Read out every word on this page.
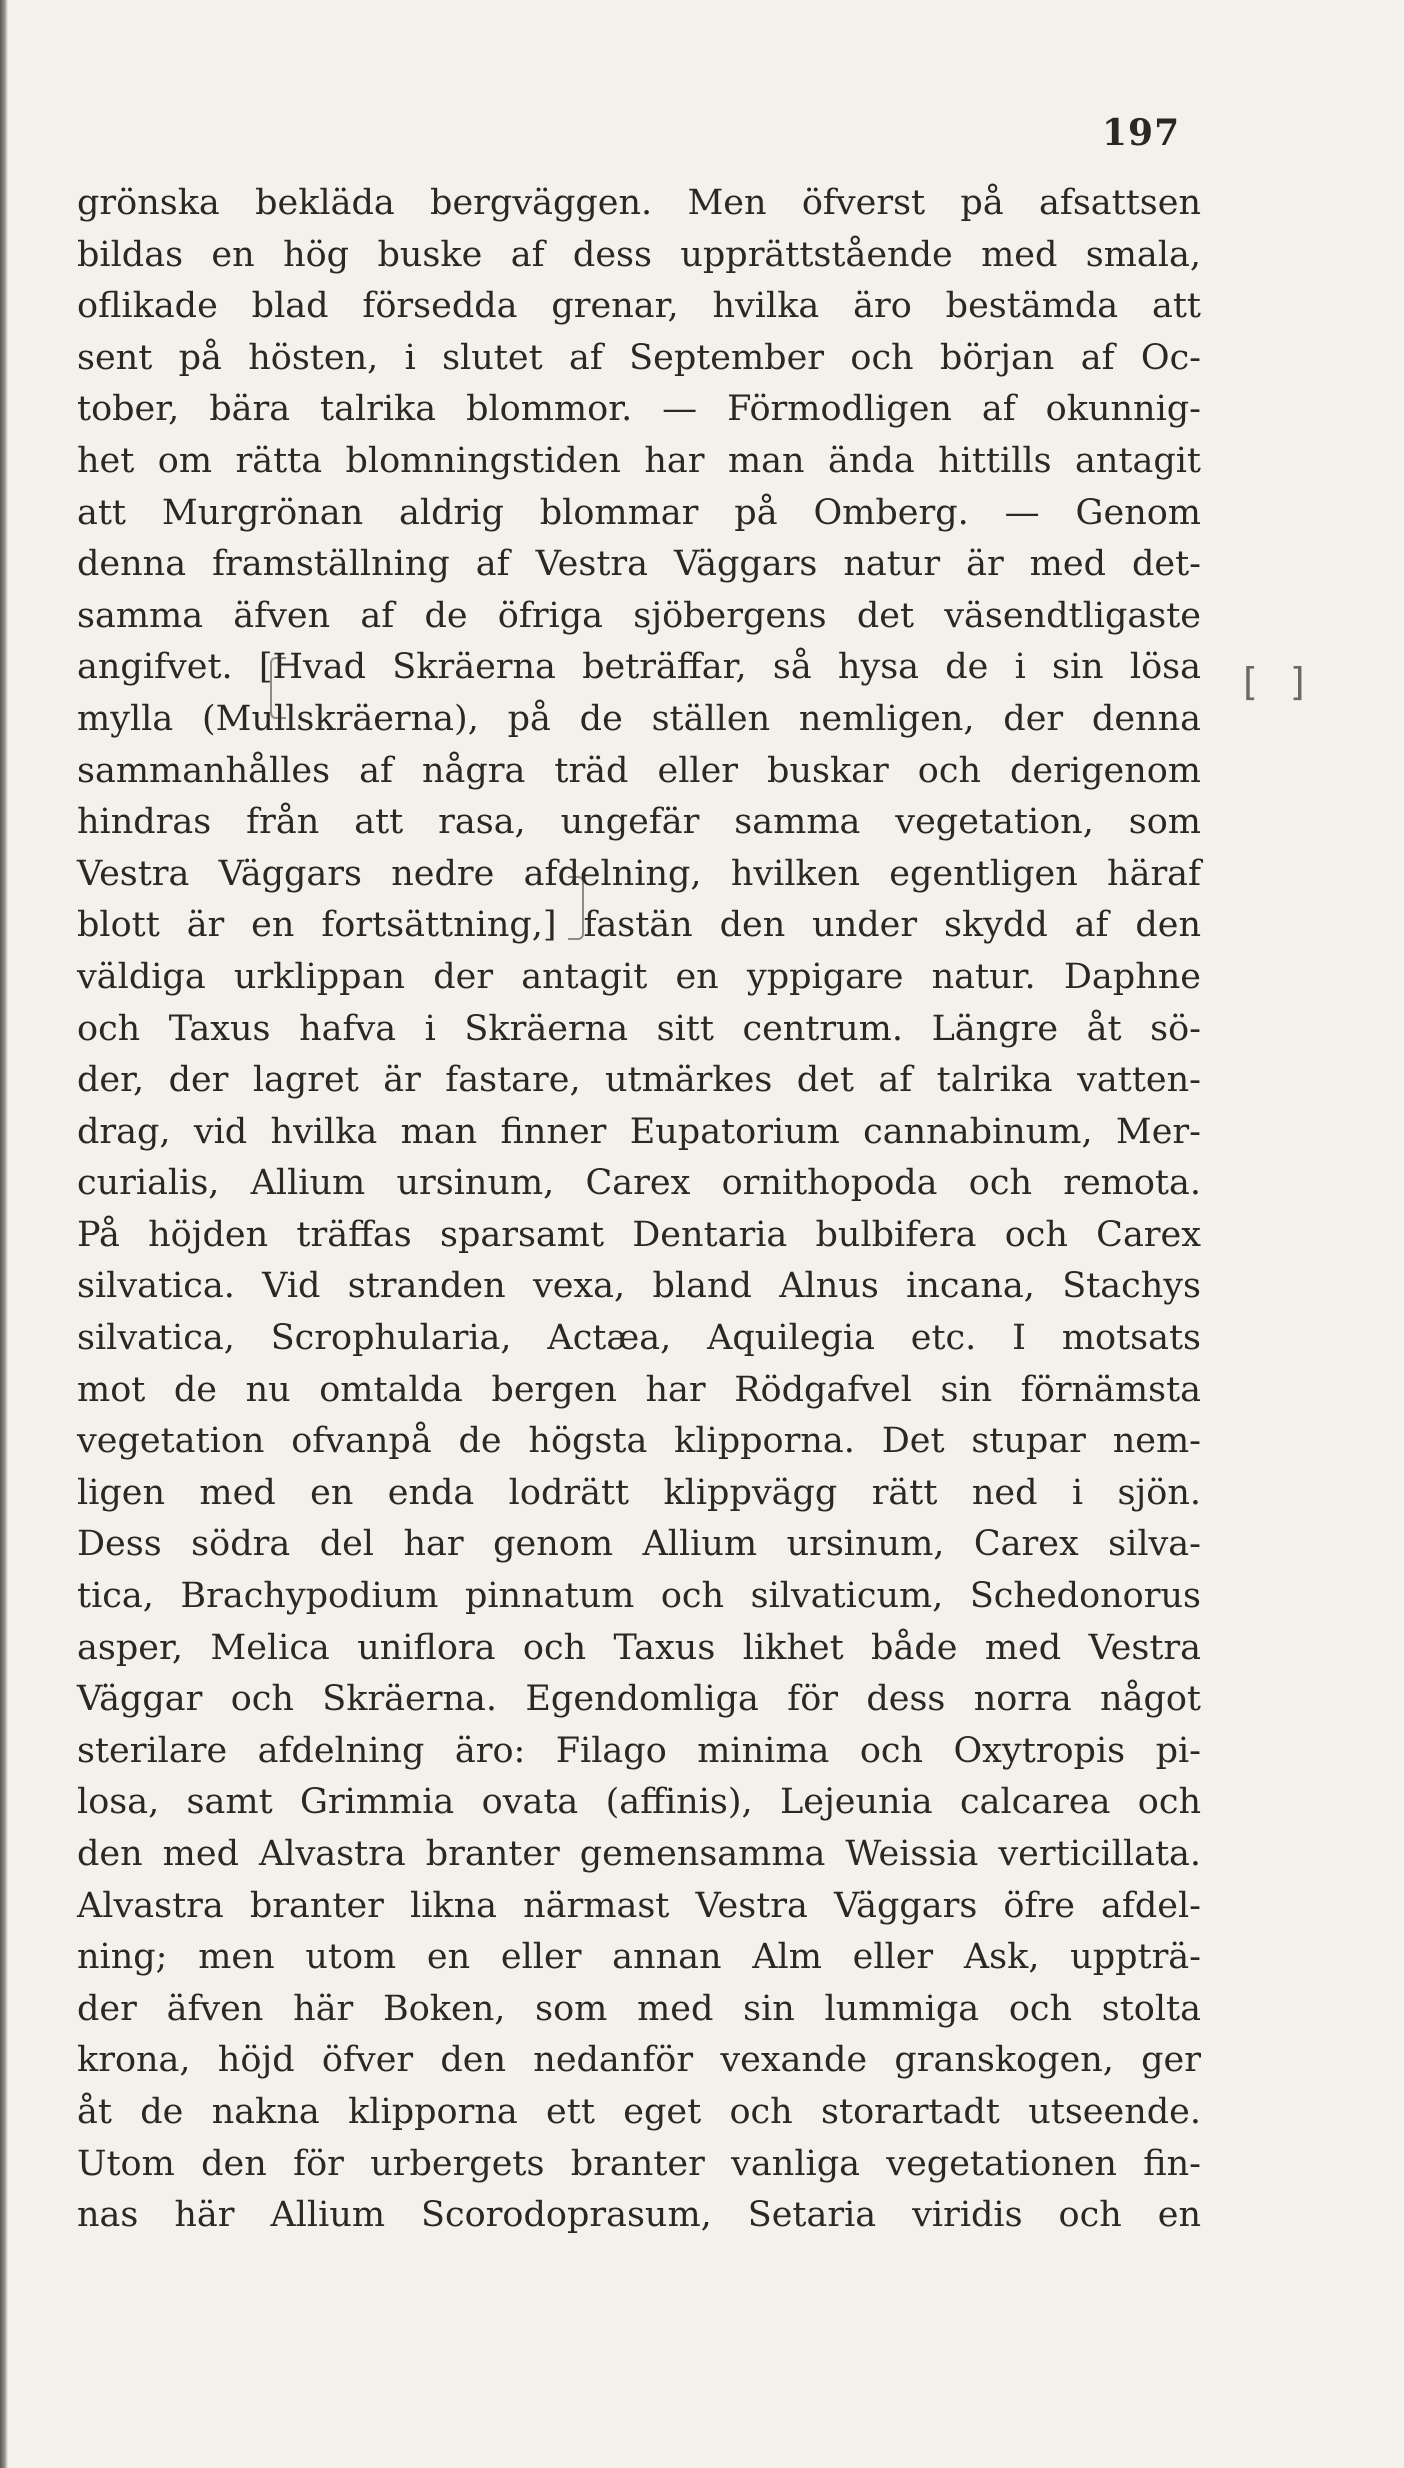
197
[ ]
grönska bekläda bergväggen. Men öfverst på afsattsen
bildas en hög buske af dess upprättstående med smala,
oflikade blad försedda grenar, hvilka äro bestämda att
sent på hösten, i slutet af September och början af Oc-
tober, bära talrika blommor. — Förmodligen af okunnig-
het om rätta blomningstiden har man ända hittills antagit
att Murgrönan aldrig blommar på Omberg. — Genom
denna framställning af Vestra Väggars natur är med det-
samma äfven af de öfriga sjöbergens det väsendtligaste
angifvet. [Hvad Skräerna beträffar, så hysa de i sin lösa
mylla (Mullskräerna), på de ställen nemligen, der denna
sammanhålles af några träd eller buskar och derigenom
hindras från att rasa, ungefär samma vegetation, som
Vestra Väggars nedre afdelning, hvilken egentligen häraf
blott är en fortsättning,] fastän den under skydd af den
väldiga urklippan der antagit en yppigare natur. Daphne
och Taxus hafva i Skräerna sitt centrum. Längre åt sö-
der, der lagret är fastare, utmärkes det af talrika vatten-
drag, vid hvilka man finner Eupatorium cannabinum, Mer-
curialis, Allium ursinum, Carex ornithopoda och remota.
På höjden träffas sparsamt Dentaria bulbifera och Carex
silvatica. Vid stranden vexa, bland Alnus incana, Stachys
silvatica, Scrophularia, Actæa, Aquilegia etc. I motsats
mot de nu omtalda bergen har Rödgafvel sin förnämsta
vegetation ofvanpå de högsta klipporna. Det stupar nem-
ligen med en enda lodrätt klippvägg rätt ned i sjön.
Dess södra del har genom Allium ursinum, Carex silva-
tica, Brachypodium pinnatum och silvaticum, Schedonorus
asper, Melica uniflora och Taxus likhet både med Vestra
Väggar och Skräerna. Egendomliga för dess norra något
sterilare afdelning äro: Filago minima och Oxytropis pi-
losa, samt Grimmia ovata (affinis), Lejeunia calcarea och
den med Alvastra branter gemensamma Weissia verticillata.
Alvastra branter likna närmast Vestra Väggars öfre afdel-
ning; men utom en eller annan Alm eller Ask, uppträ-
der äfven här Boken, som med sin lummiga och stolta
krona, höjd öfver den nedanför vexande granskogen, ger
åt de nakna klipporna ett eget och storartadt utseende.
Utom den för urbergets branter vanliga vegetationen fin-
nas här Allium Scorodoprasum, Setaria viridis och en
